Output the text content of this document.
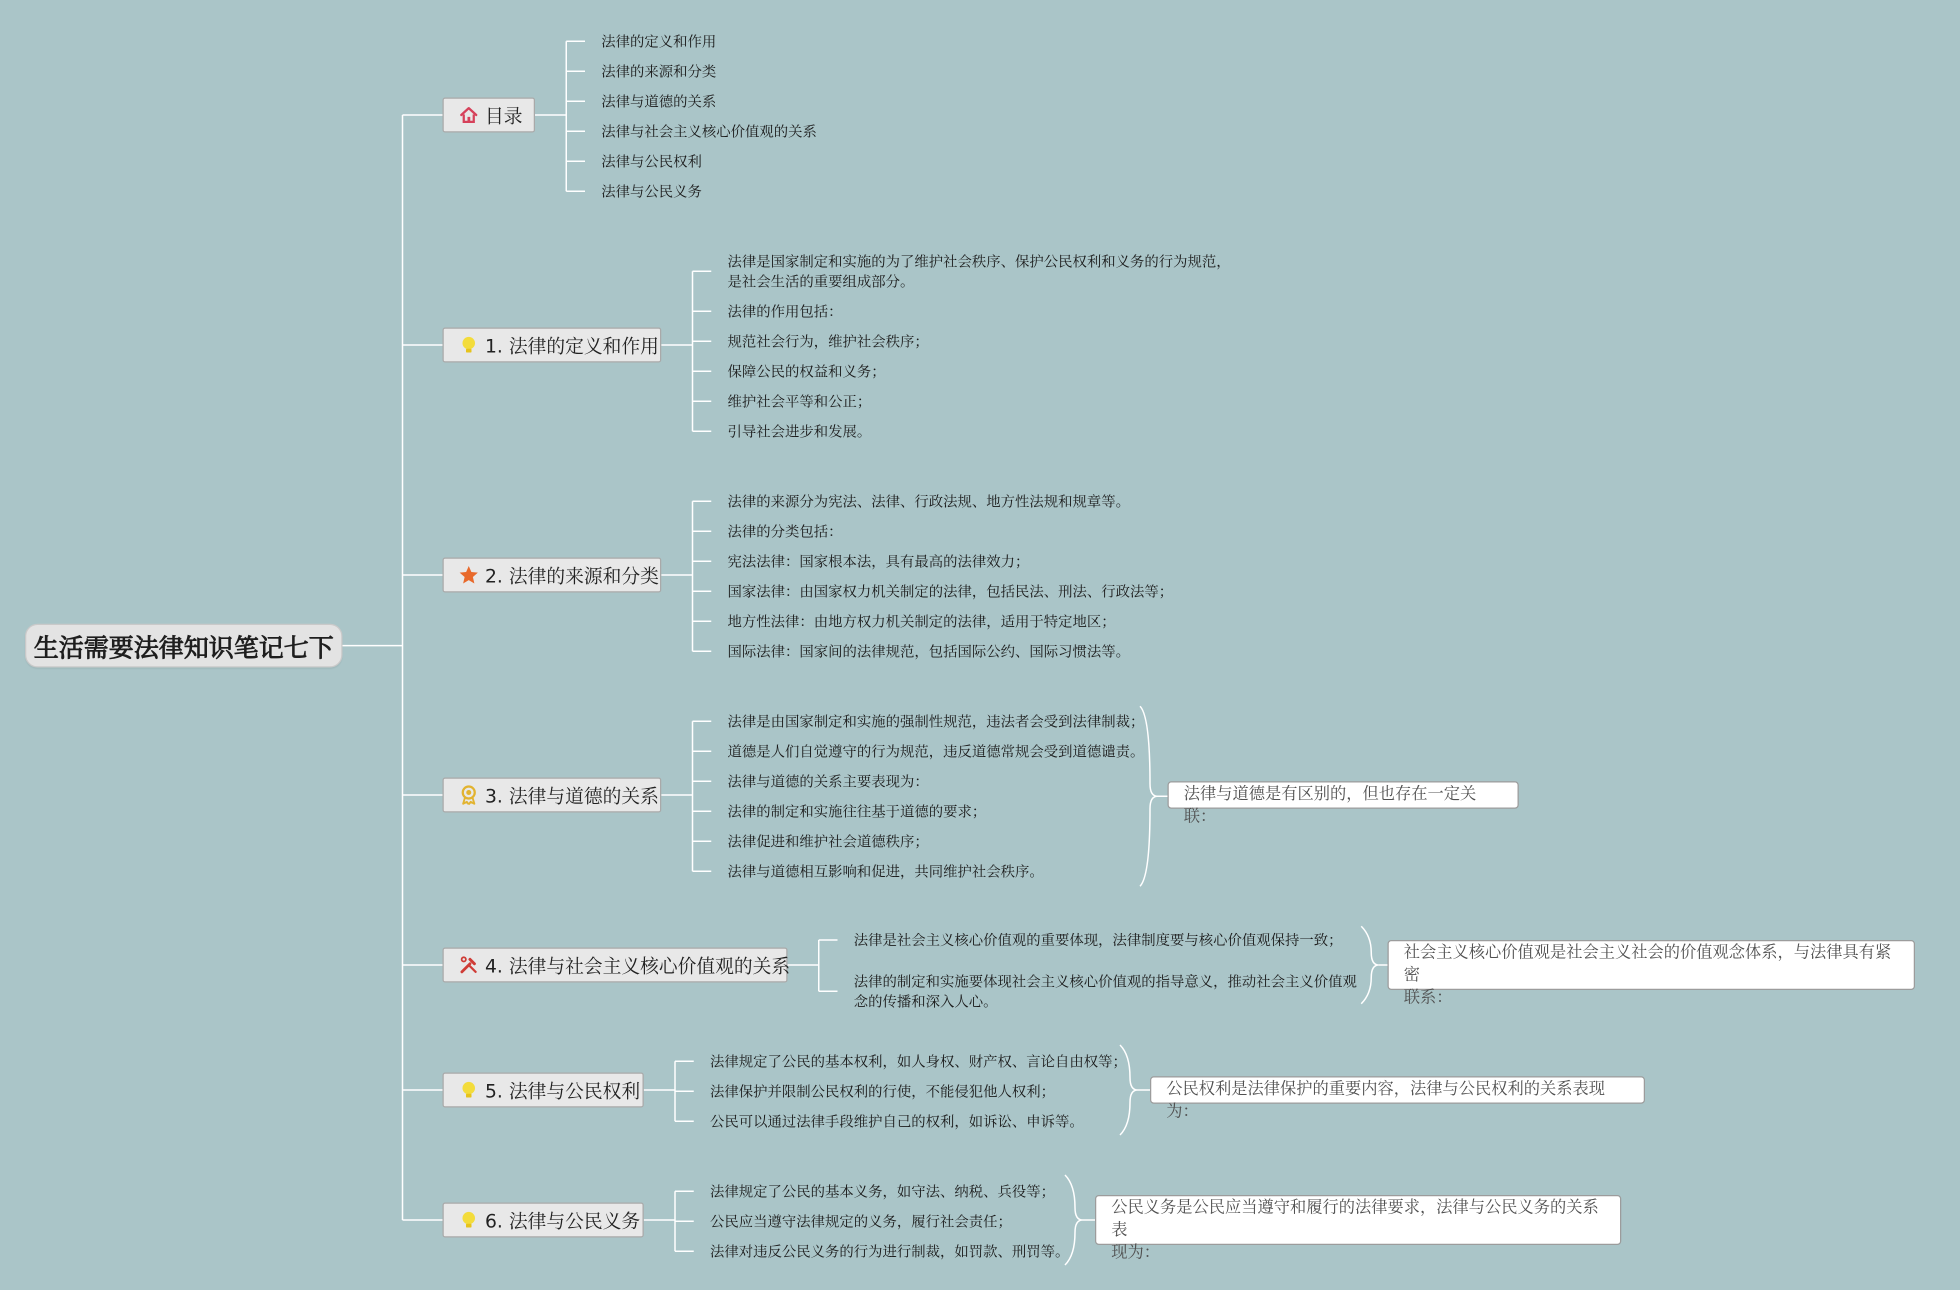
生活需要法律知识笔记七下
目录
法律的定义和作用
法律的来源和分类
法律与道德的关系
法律与社会主义核心价值观的关系
法律与公民权利
法律与公民义务
1. 法律的定义和作用
法律是国家制定和实施的为了维护社会秩序、保护公民权利和义务的行为规范，
是社会生活的重要组成部分。
法律的作用包括：
规范社会行为，维护社会秩序；
保障公民的权益和义务；
维护社会平等和公正；
引导社会进步和发展。
2. 法律的来源和分类
法律的来源分为宪法、法律、行政法规、地方性法规和规章等。
法律的分类包括：
宪法法律：国家根本法，具有最高的法律效力；
国家法律：由国家权力机关制定的法律，包括民法、刑法、行政法等；
地方性法律：由地方权力机关制定的法律，适用于特定地区；
国际法律：国家间的法律规范，包括国际公约、国际习惯法等。
3. 法律与道德的关系
法律是由国家制定和实施的强制性规范，违法者会受到法律制裁；
道德是人们自觉遵守的行为规范，违反道德常规会受到道德谴责。
法律与道德的关系主要表现为：
法律的制定和实施往往基于道德的要求；
法律促进和维护社会道德秩序；
法律与道德相互影响和促进，共同维护社会秩序。
法律与道德是有区别的，但也存在一定关联：
4. 法律与社会主义核心价值观的关系
法律是社会主义核心价值观的重要体现，法律制度要与核心价值观保持一致；
法律的制定和实施要体现社会主义核心价值观的指导意义，推动社会主义价值观
念的传播和深入人心。
社会主义核心价值观是社会主义社会的价值观念体系，与法律具有紧密
联系：
5. 法律与公民权利
法律规定了公民的基本权利，如人身权、财产权、言论自由权等；
法律保护并限制公民权利的行使，不能侵犯他人权利；
公民可以通过法律手段维护自己的权利，如诉讼、申诉等。
公民权利是法律保护的重要内容，法律与公民权利的关系表现为：
6. 法律与公民义务
法律规定了公民的基本义务，如守法、纳税、兵役等；
公民应当遵守法律规定的义务，履行社会责任；
法律对违反公民义务的行为进行制裁，如罚款、刑罚等。
公民义务是公民应当遵守和履行的法律要求，法律与公民义务的关系表
现为：
